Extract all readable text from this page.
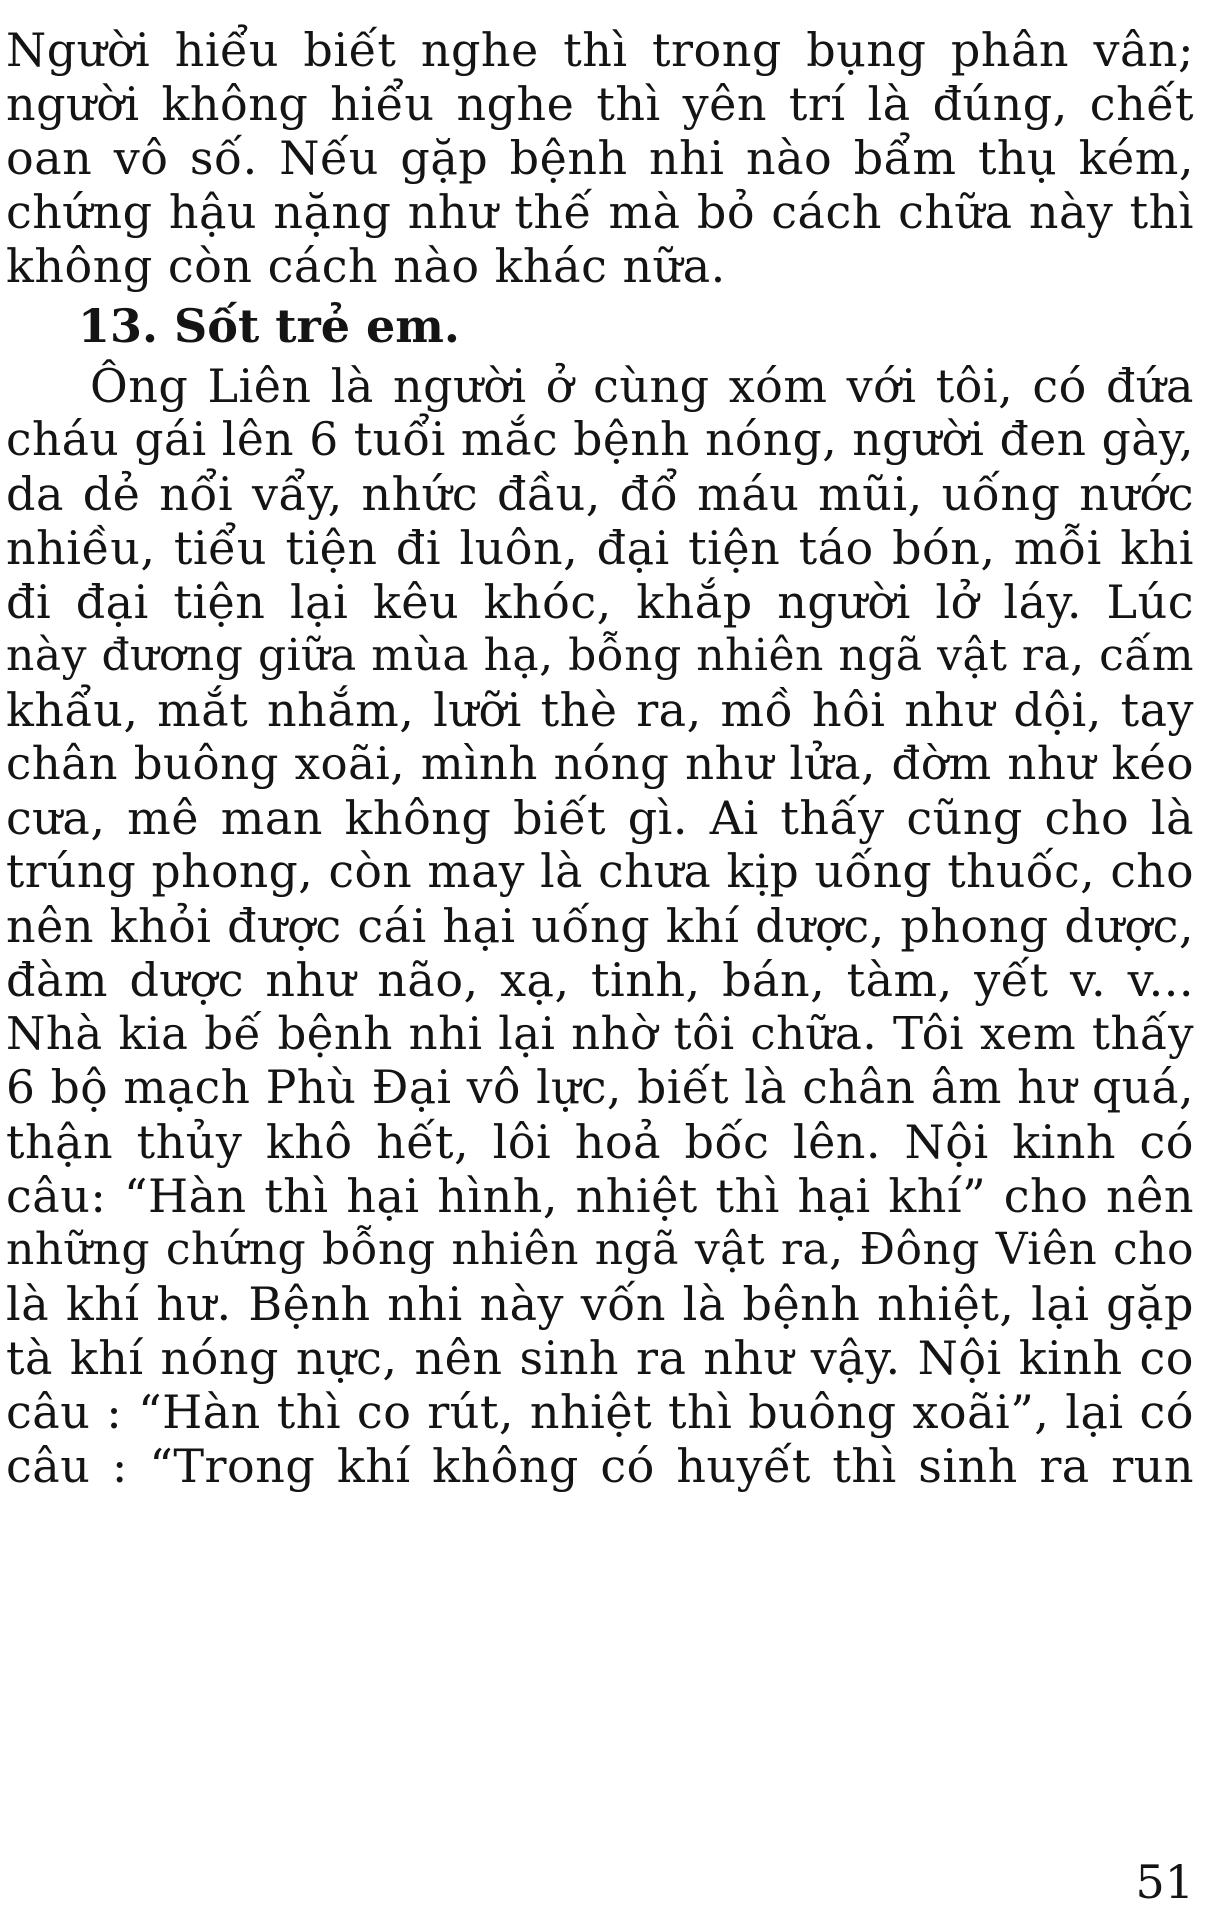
Người hiểu biết nghe thì trong bụng phân vân;
người không hiểu nghe thì yên trí là đúng, chết
oan vô số. Nếu gặp bệnh nhi nào bẩm thụ kém,
chứng hậu nặng như thế mà bỏ cách chữa này thì
không còn cách nào khác nữa.
13. Sốt trẻ em.
Ông Liên là người ở cùng xóm với tôi, có đứa
cháu gái lên 6 tuổi mắc bệnh nóng, người đen gày,
da dẻ nổi vẩy, nhức đầu, đổ máu mũi, uống nước
nhiều, tiểu tiện đi luôn, đại tiện táo bón, mỗi khi
đi đại tiện lại kêu khóc, khắp người lở láy. Lúc
này đương giữa mùa hạ, bỗng nhiên ngã vật ra, cấm
khẩu, mắt nhắm, lưỡi thè ra, mồ hôi như dội, tay
chân buông xoãi, mình nóng như lửa, đờm như kéo
cưa, mê man không biết gì. Ai thấy cũng cho là
trúng phong, còn may là chưa kịp uống thuốc, cho
nên khỏi được cái hại uống khí dược, phong dược,
đàm dược như não, xạ, tinh, bán, tàm, yết v. v...
Nhà kia bế bệnh nhi lại nhờ tôi chữa. Tôi xem thấy
6 bộ mạch Phù Đại vô lực, biết là chân âm hư quá,
thận thủy khô hết, lôi hoả bốc lên. Nội kinh có
câu: “Hàn thì hại hình, nhiệt thì hại khí” cho nên
những chứng bỗng nhiên ngã vật ra, Đông Viên cho
là khí hư. Bệnh nhi này vốn là bệnh nhiệt, lại gặp
tà khí nóng nực, nên sinh ra như vậy. Nội kinh co
câu : “Hàn thì co rút, nhiệt thì buông xoãi”, lại có
câu : “Trong khí không có huyết thì sinh ra run
51
